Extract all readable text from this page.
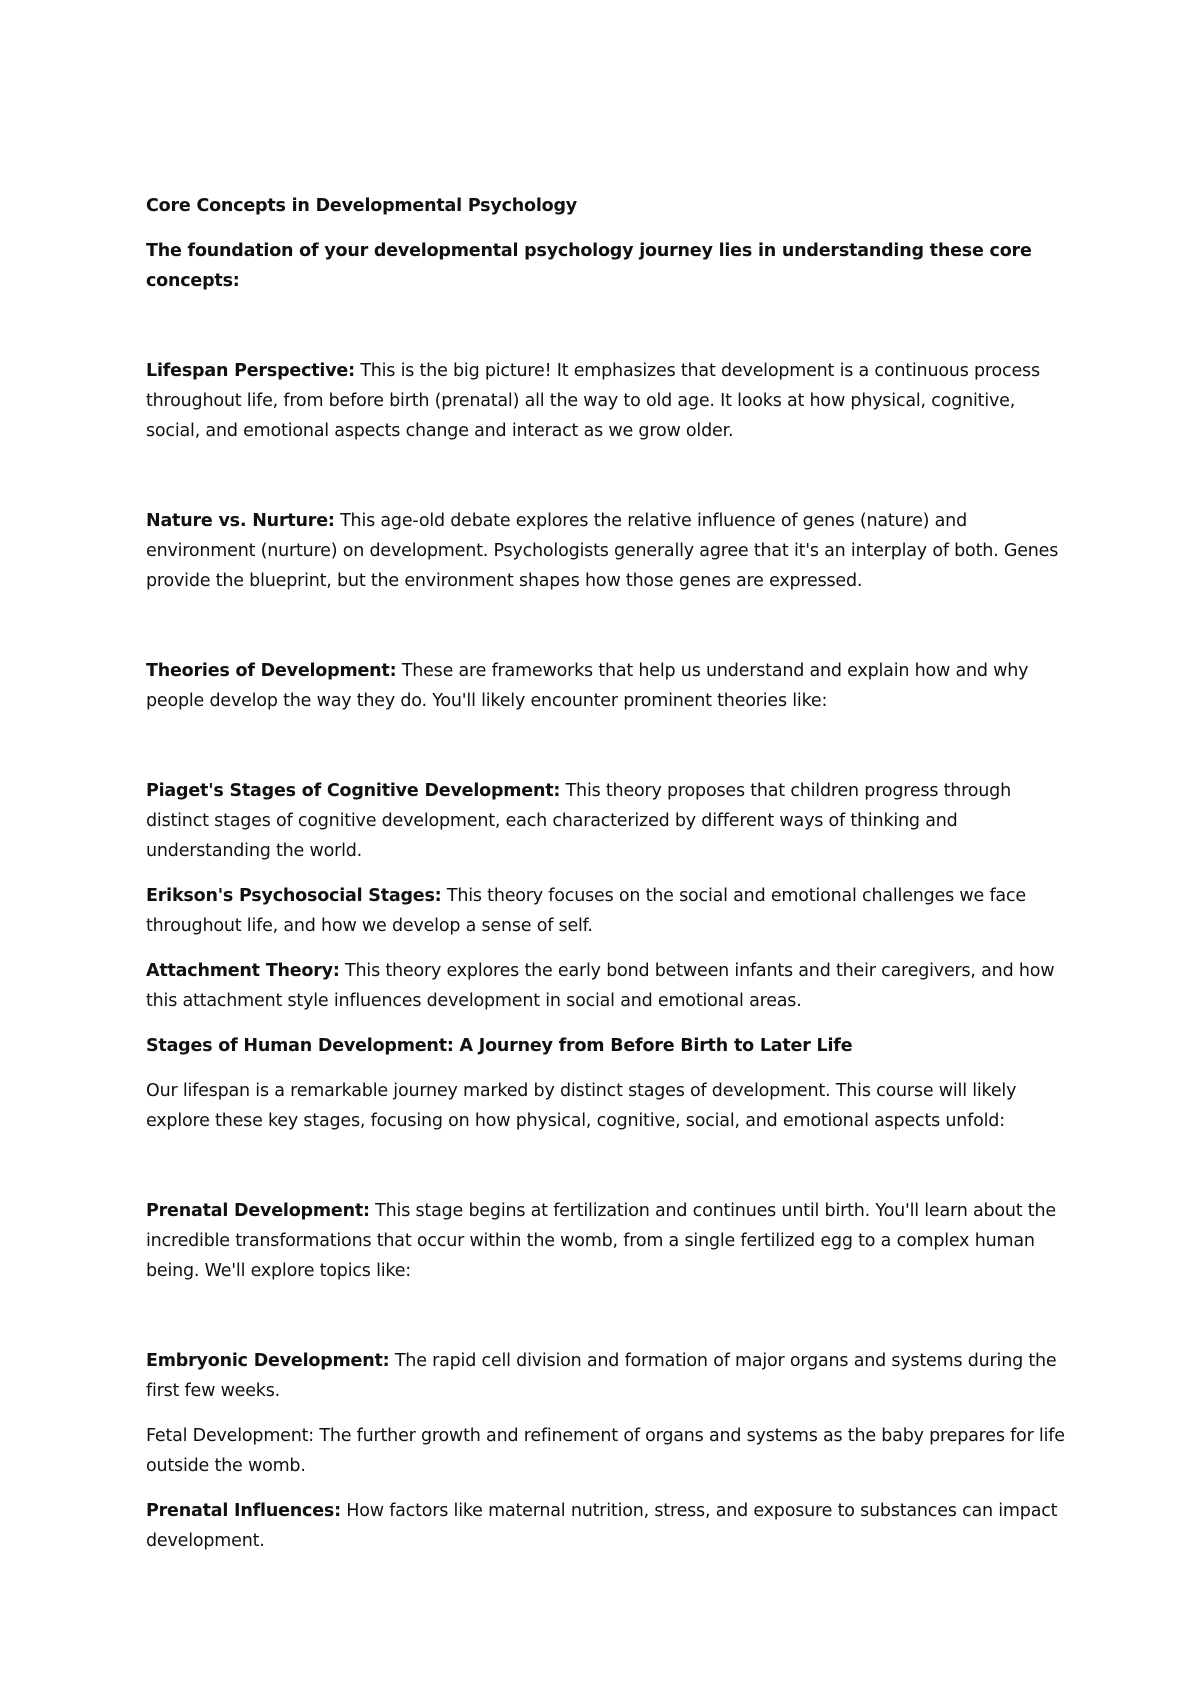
Core Concepts in Developmental Psychology
The foundation of your developmental psychology journey lies in understanding these core concepts:
Lifespan Perspective: This is the big picture! It emphasizes that development is a continuous process throughout life, from before birth (prenatal) all the way to old age. It looks at how physical, cognitive, social, and emotional aspects change and interact as we grow older.
Nature vs. Nurture: This age-old debate explores the relative influence of genes (nature) and environment (nurture) on development. Psychologists generally agree that it's an interplay of both. Genes provide the blueprint, but the environment shapes how those genes are expressed.
Theories of Development: These are frameworks that help us understand and explain how and why people develop the way they do. You'll likely encounter prominent theories like:
Piaget's Stages of Cognitive Development: This theory proposes that children progress through distinct stages of cognitive development, each characterized by different ways of thinking and understanding the world.
Erikson's Psychosocial Stages: This theory focuses on the social and emotional challenges we face throughout life, and how we develop a sense of self.
Attachment Theory: This theory explores the early bond between infants and their caregivers, and how this attachment style influences development in social and emotional areas.
Stages of Human Development: A Journey from Before Birth to Later Life
Our lifespan is a remarkable journey marked by distinct stages of development. This course will likely explore these key stages, focusing on how physical, cognitive, social, and emotional aspects unfold:
Prenatal Development: This stage begins at fertilization and continues until birth. You'll learn about the incredible transformations that occur within the womb, from a single fertilized egg to a complex human being. We'll explore topics like:
Embryonic Development: The rapid cell division and formation of major organs and systems during the first few weeks.
Fetal Development: The further growth and refinement of organs and systems as the baby prepares for life outside the womb.
Prenatal Influences: How factors like maternal nutrition, stress, and exposure to substances can impact development.
